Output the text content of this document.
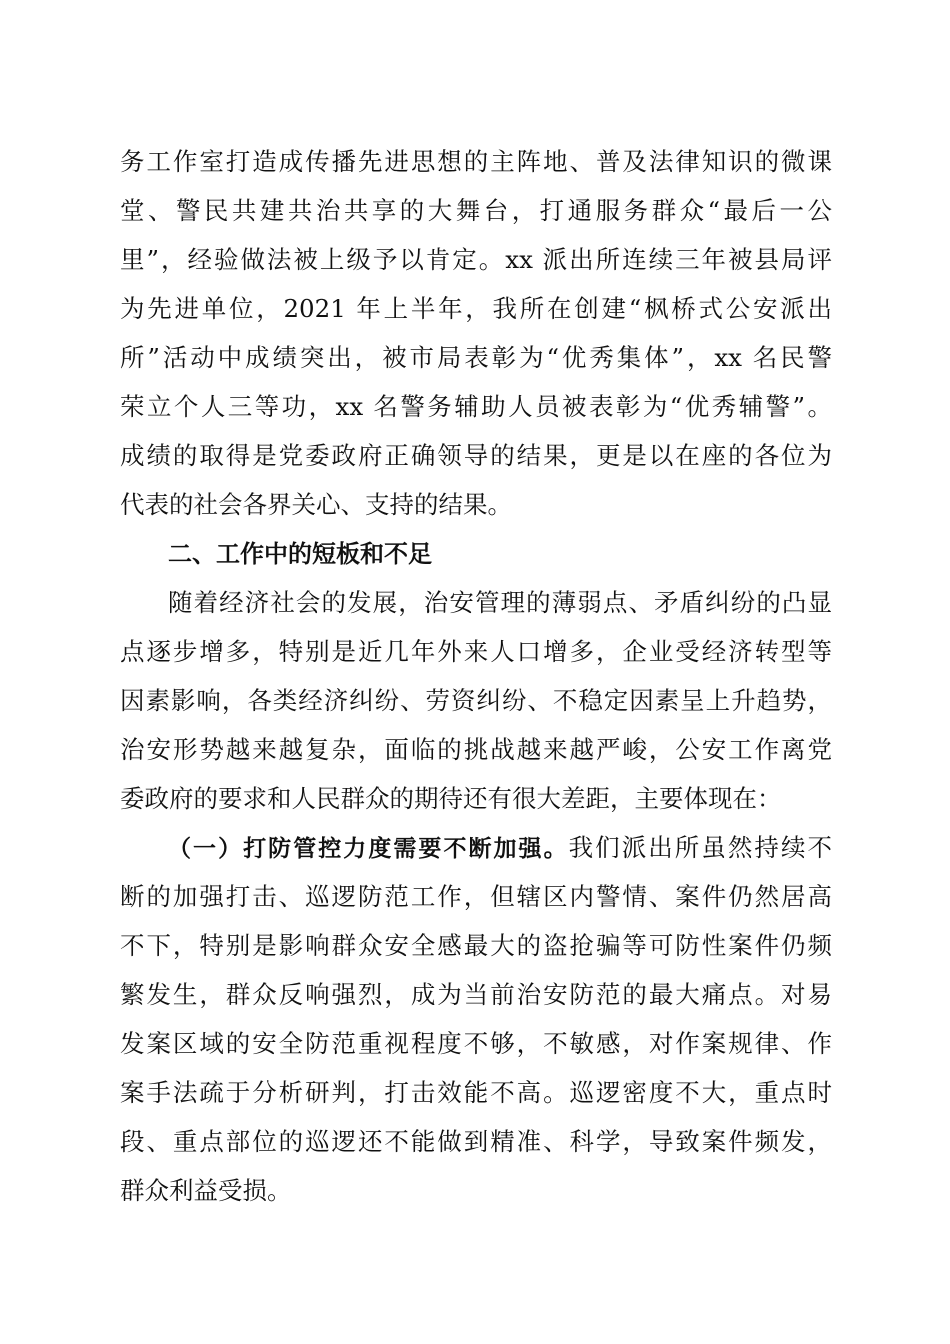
务工作室打造成传播先进思想的主阵地、普及法律知识的微课
堂、警民共建共治共享的大舞台，打通服务群众“最后一公
里”，经验做法被上级予以肯定。xx 派出所连续三年被县局评
为先进单位，2021 年上半年，我所在创建“枫桥式公安派出
所”活动中成绩突出，被市局表彰为“优秀集体”，xx 名民警
荣立个人三等功，xx 名警务辅助人员被表彰为“优秀辅警”。
成绩的取得是党委政府正确领导的结果，更是以在座的各位为
代表的社会各界关心、支持的结果。
二、工作中的短板和不足
随着经济社会的发展，治安管理的薄弱点、矛盾纠纷的凸显
点逐步增多，特别是近几年外来人口增多，企业受经济转型等
因素影响，各类经济纠纷、劳资纠纷、不稳定因素呈上升趋势，
治安形势越来越复杂，面临的挑战越来越严峻，公安工作离党
委政府的要求和人民群众的期待还有很大差距，主要体现在：
（一）打防管控力度需要不断加强。我们派出所虽然持续不
断的加强打击、巡逻防范工作，但辖区内警情、案件仍然居高
不下，特别是影响群众安全感最大的盗抢骗等可防性案件仍频
繁发生，群众反响强烈，成为当前治安防范的最大痛点。对易
发案区域的安全防范重视程度不够，不敏感，对作案规律、作
案手法疏于分析研判，打击效能不高。巡逻密度不大，重点时
段、重点部位的巡逻还不能做到精准、科学，导致案件频发，
群众利益受损。
